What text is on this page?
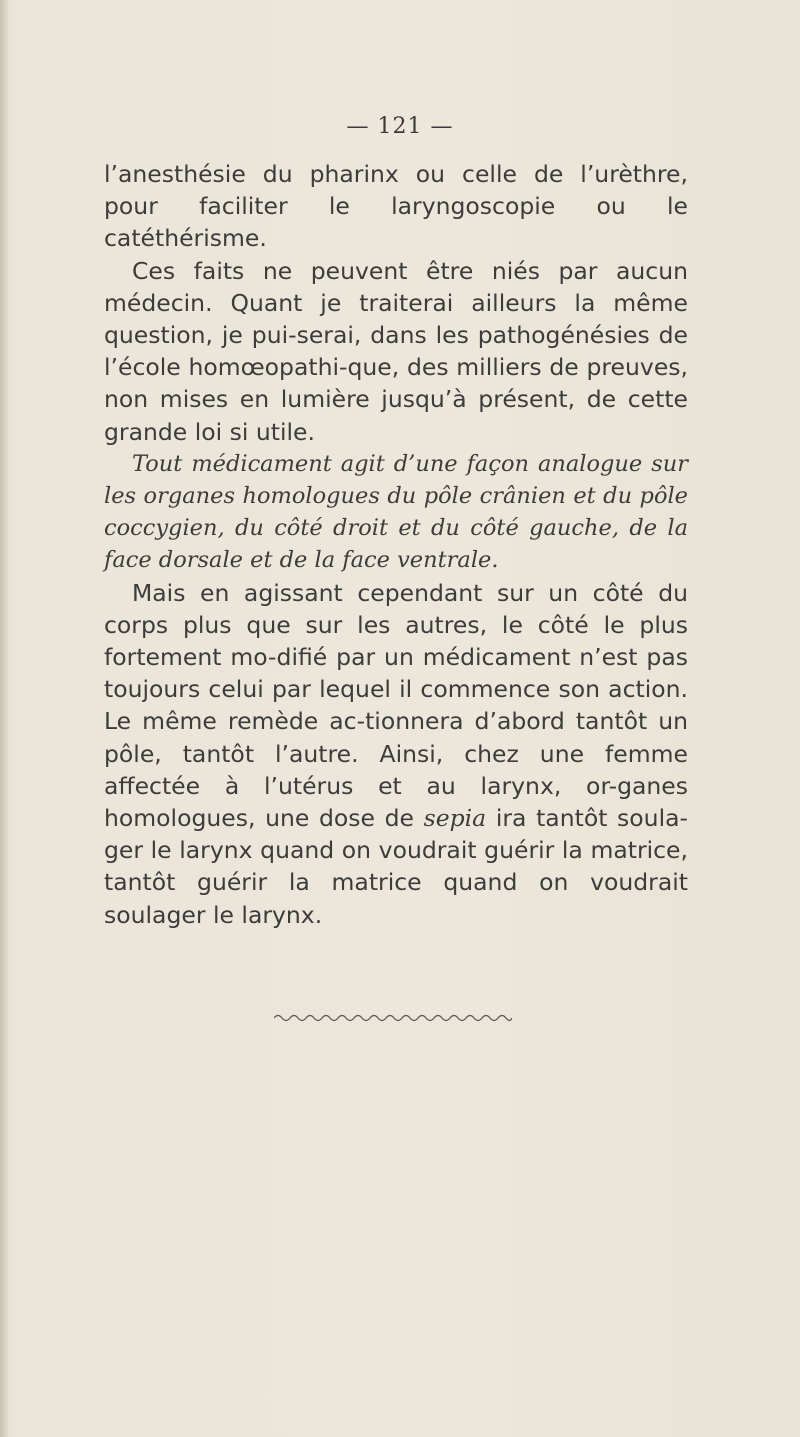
— 121 —

l’anesthésie du pharinx ou celle de l’urèthre, pour faciliter le laryngoscopie ou le catéthérisme.

Ces faits ne peuvent être niés par aucun médecin. Quant je traiterai ailleurs la même question, je pui-serai, dans les pathogénésies de l’école homœopathi-que, des milliers de preuves, non mises en lumière jusqu’à présent, de cette grande loi si utile.

Tout médicament agit d’une façon analogue sur les organes homologues du pôle crânien et du pôle coccygien, du côté droit et du côté gauche, de la face dorsale et de la face ventrale.

Mais en agissant cependant sur un côté du corps plus que sur les autres, le côté le plus fortement mo-difié par un médicament n’est pas toujours celui par lequel il commence son action. Le même remède ac-tionnera d’abord tantôt un pôle, tantôt l’autre. Ainsi, chez une femme affectée à l’utérus et au larynx, or-ganes homologues, une dose de sepia ira tantôt soula-ger le larynx quand on voudrait guérir la matrice, tantôt guérir la matrice quand on voudrait soulager le larynx.
